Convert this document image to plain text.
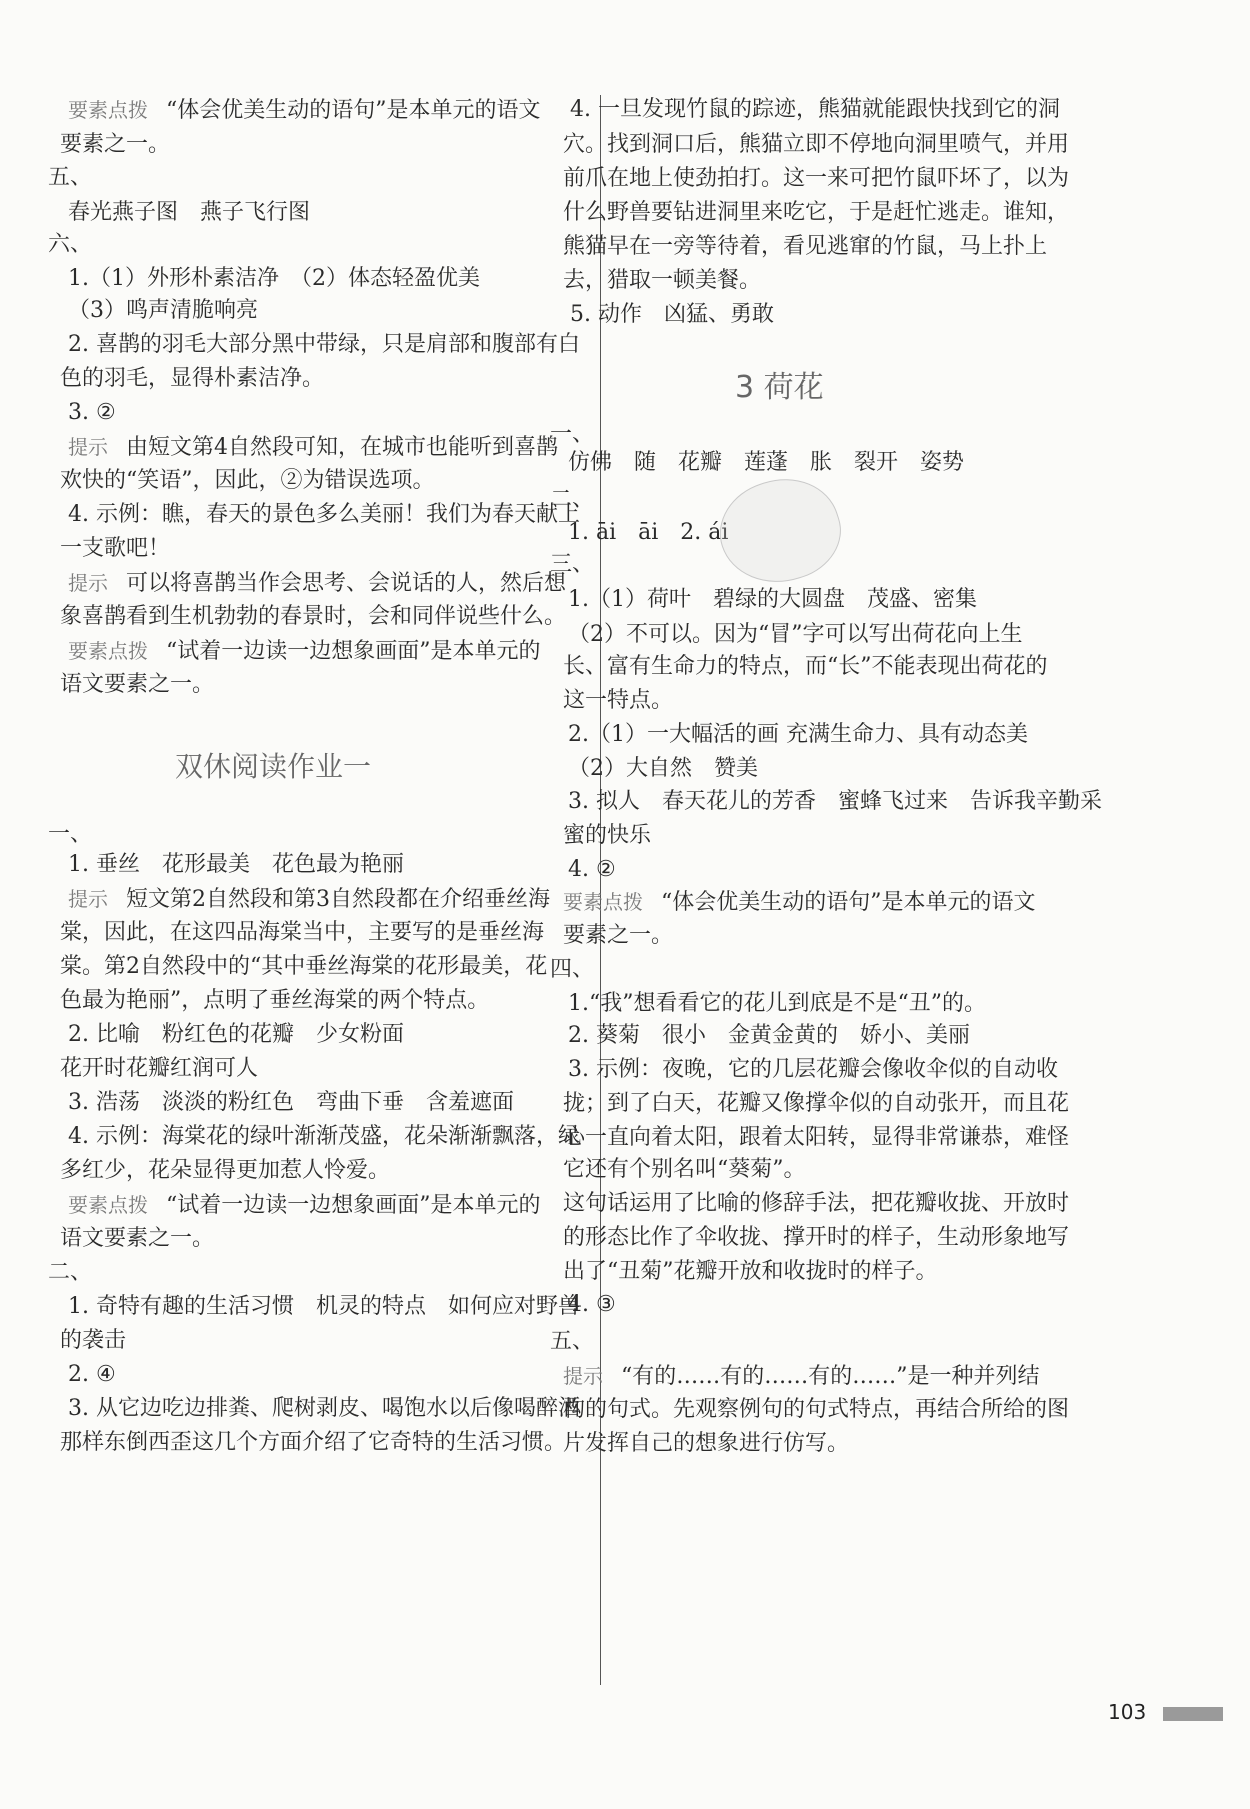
要素点拨 “体会优美生动的语句”是本单元的语文
要素之一。
五、
春光燕子图　燕子飞行图
六、
1.（1）外形朴素洁净　（2）体态轻盈优美
（3）鸣声清脆响亮
2. 喜鹊的羽毛大部分黑中带绿，只是肩部和腹部有白
色的羽毛，显得朴素洁净。
3. ②
提示 由短文第4自然段可知，在城市也能听到喜鹊
欢快的“笑语”，因此，②为错误选项。
4. 示例：瞧，春天的景色多么美丽！我们为春天献上
一支歌吧！
提示 可以将喜鹊当作会思考、会说话的人，然后想
象喜鹊看到生机勃勃的春景时，会和同伴说些什么。
要素点拨 “试着一边读一边想象画面”是本单元的
语文要素之一。
双休阅读作业一
一、
1. 垂丝　花形最美　花色最为艳丽
提示 短文第2自然段和第3自然段都在介绍垂丝海
棠，因此，在这四品海棠当中，主要写的是垂丝海
棠。第2自然段中的“其中垂丝海棠的花形最美，花
色最为艳丽”，点明了垂丝海棠的两个特点。
2. 比喻　粉红色的花瓣　少女粉面
花开时花瓣红润可人
3. 浩荡　淡淡的粉红色　弯曲下垂　含羞遮面
4. 示例：海棠花的绿叶渐渐茂盛，花朵渐渐飘落，绿
多红少，花朵显得更加惹人怜爱。
要素点拨 “试着一边读一边想象画面”是本单元的
语文要素之一。
二、
1. 奇特有趣的生活习惯　机灵的特点　如何应对野兽
的袭击
2. ④
3. 从它边吃边排粪、爬树剥皮、喝饱水以后像喝醉酒
那样东倒西歪这几个方面介绍了它奇特的生活习惯。
4. 一旦发现竹鼠的踪迹，熊猫就能跟快找到它的洞
穴。找到洞口后，熊猫立即不停地向洞里喷气，并用
前爪在地上使劲拍打。这一来可把竹鼠吓坏了，以为
什么野兽要钻进洞里来吃它，于是赶忙逃走。谁知，
熊猫早在一旁等待着，看见逃窜的竹鼠，马上扑上
去，猎取一顿美餐。
5. 动作　凶猛、勇敢
3 荷花
一、
仿佛　随　花瓣　莲蓬　胀　裂开　姿势
二、
1. āi　āi　2. ái
三、
1.（1）荷叶　碧绿的大圆盘　茂盛、密集
（2）不可以。因为“冒”字可以写出荷花向上生
长、富有生命力的特点，而“长”不能表现出荷花的
这一特点。
2.（1）一大幅活的画 充满生命力、具有动态美
（2）大自然　赞美
3. 拟人　春天花儿的芳香　蜜蜂飞过来　告诉我辛勤采
蜜的快乐
4. ②
要素点拨 “体会优美生动的语句”是本单元的语文
要素之一。
四、
1.“我”想看看它的花儿到底是不是“丑”的。
2. 葵菊　很小　金黄金黄的　娇小、美丽
3. 示例：夜晚，它的几层花瓣会像收伞似的自动收
拢；到了白天，花瓣又像撑伞似的自动张开，而且花
心一直向着太阳，跟着太阳转，显得非常谦恭，难怪
它还有个别名叫“葵菊”。
这句话运用了比喻的修辞手法，把花瓣收拢、开放时
的形态比作了伞收拢、撑开时的样子，生动形象地写
出了“丑菊”花瓣开放和收拢时的样子。
4. ③
五、
提示 “有的……有的……有的……”是一种并列结
构的句式。先观察例句的句式特点，再结合所给的图
片发挥自己的想象进行仿写。
103
